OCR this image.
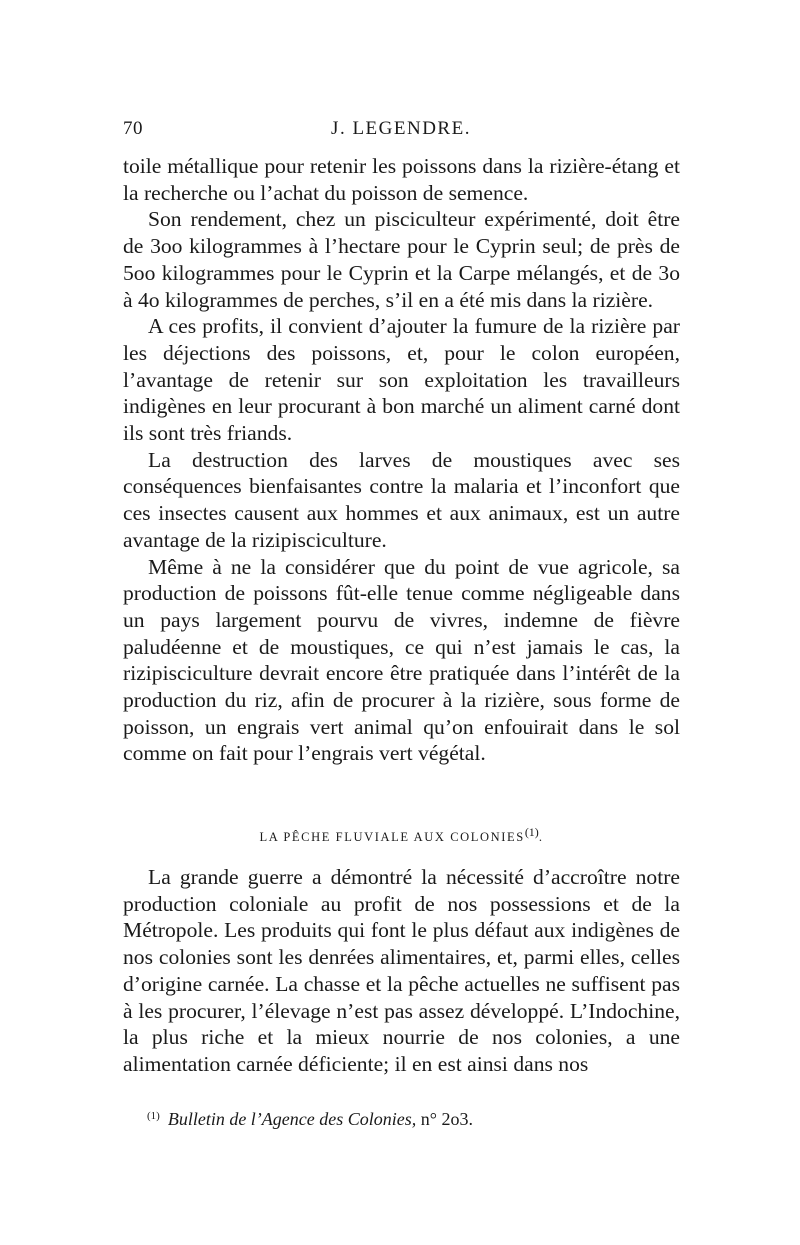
70	J. LEGENDRE.

toile métallique pour retenir les poissons dans la rizière-étang et la recherche ou l’achat du poisson de semence.

Son rendement, chez un pisciculteur expérimenté, doit être de 3oo kilogrammes à l’hectare pour le Cyprin seul; de près de 5oo kilogrammes pour le Cyprin et la Carpe mélangés, et de 3o à 4o kilogrammes de perches, s’il en a été mis dans la rizière.

A ces profits, il convient d’ajouter la fumure de la rizière par les déjections des poissons, et, pour le colon européen, l’avantage de retenir sur son exploitation les travailleurs indigènes en leur procurant à bon marché un aliment carné dont ils sont très friands.

La destruction des larves de moustiques avec ses conséquences bienfaisantes contre la malaria et l’inconfort que ces insectes causent aux hommes et aux animaux, est un autre avantage de la rizipisciculture.

Même à ne la considérer que du point de vue agricole, sa production de poissons fût-elle tenue comme négligeable dans un pays largement pourvu de vivres, indemne de fièvre paludéenne et de moustiques, ce qui n’est jamais le cas, la rizipisciculture devrait encore être pratiquée dans l’intérêt de la production du riz, afin de procurer à la rizière, sous forme de poisson, un engrais vert animal qu’on enfouirait dans le sol comme on fait pour l’engrais vert végétal.

LA PÊCHE FLUVIALE AUX COLONIES$^{(1)}$.

La grande guerre a démontré la nécessité d’accroître notre production coloniale au profit de nos possessions et de la Métropole. Les produits qui font le plus défaut aux indigènes de nos colonies sont les denrées alimentaires, et, parmi elles, celles d’origine carnée. La chasse et la pêche actuelles ne suffisent pas à les procurer, l’élevage n’est pas assez développé. L’Indochine, la plus riche et la mieux nourrie de nos colonies, a une alimentation carnée déficiente; il en est ainsi dans nos

$^{(1)}$ Bulletin de l’Agence des Colonies, n° 2o3.
